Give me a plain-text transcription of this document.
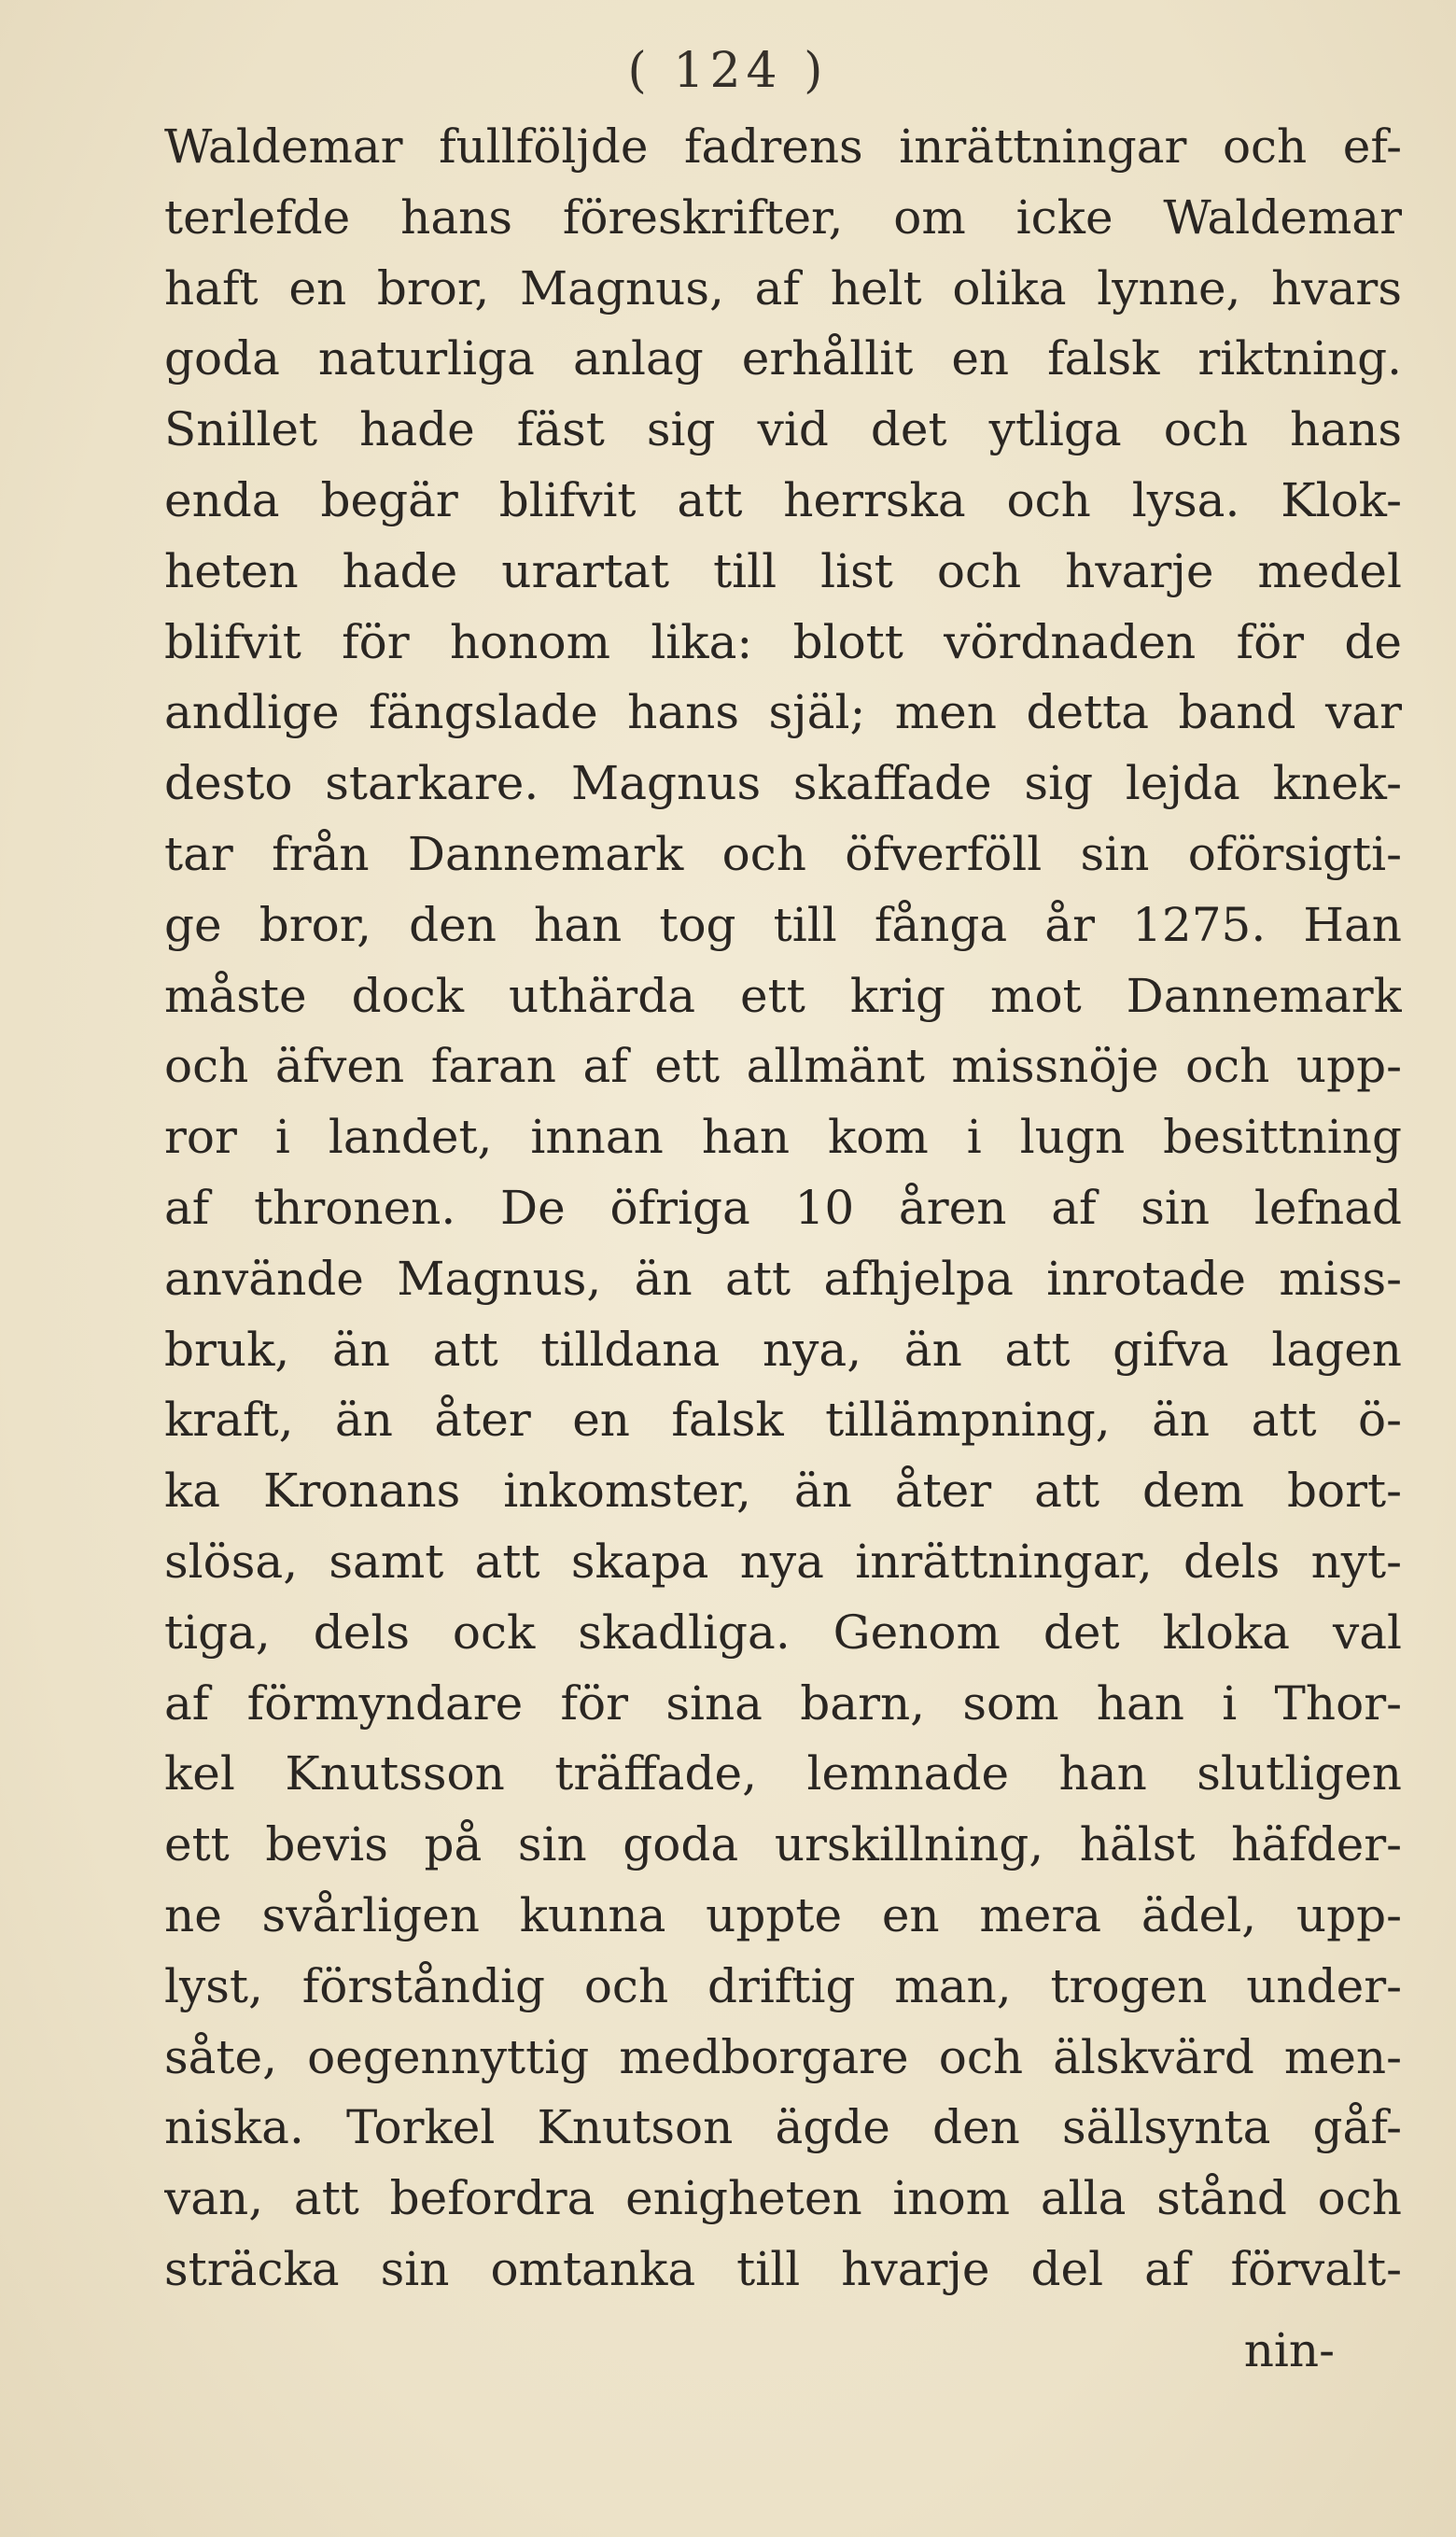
( 124 )
Waldemar fullföljde fadrens inrättningar och ef-
terlefde hans föreskrifter, om icke Waldemar
haft en bror, Magnus, af helt olika lynne, hvars
goda naturliga anlag erhållit en falsk riktning.
Snillet hade fäst sig vid det ytliga och hans
enda begär blifvit att herrska och lysa. Klok-
heten hade urartat till list och hvarje medel
blifvit för honom lika: blott vördnaden för de
andlige fängslade hans själ; men detta band var
desto starkare. Magnus skaffade sig lejda knek-
tar från Dannemark och öfverföll sin oförsigti-
ge bror, den han tog till fånga år 1275. Han
måste dock uthärda ett krig mot Dannemark
och äfven faran af ett allmänt missnöje och upp-
ror i landet, innan han kom i lugn besittning
af thronen. De öfriga 10 åren af sin lefnad
använde Magnus, än att afhjelpa inrotade miss-
bruk, än att tilldana nya, än att gifva lagen
kraft, än åter en falsk tillämpning, än att ö-
ka Kronans inkomster, än åter att dem bort-
slösa, samt att skapa nya inrättningar, dels nyt-
tiga, dels ock skadliga. Genom det kloka val
af förmyndare för sina barn, som han i Thor-
kel Knutsson träffade, lemnade han slutligen
ett bevis på sin goda urskillning, hälst häfder-
ne svårligen kunna uppte en mera ädel, upp-
lyst, förståndig och driftig man, trogen under-
såte, oegennyttig medborgare och älskvärd men-
niska. Torkel Knutson ägde den sällsynta gåf-
van, att befordra enigheten inom alla stånd och
sträcka sin omtanka till hvarje del af förvalt-
nin-
